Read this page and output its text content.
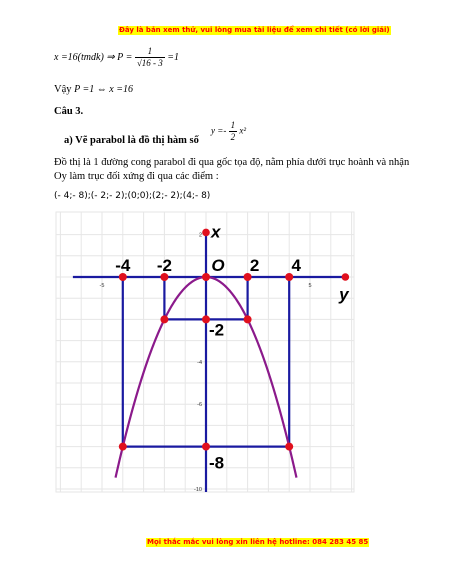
Đây là bản xem thử, vui lòng mua tài liệu để xem chi tiết (có lời giải)
x =16(tmdk) ⇒ $P = \frac{1}{√16 - 3} =1$
Vậy P =1 ⇔ x =16
Câu 3.
a) Vẽ parabol là đồ thị hàm số
$y =- \frac{1}{2} x^2$
Đồ thị là 1 đường cong parabol đi qua gốc tọa độ, nằm phía dưới trục hoành và nhận
Oy làm trục đối xứng đi qua các điểm :
(- 4;- 8);(- 2;- 2);(0;0);(2;- 2);(4;- 8)
-5	5
2
-4
-6
-10
-4 -2 O 2 4
-2
-8
x
y
Mọi thắc mắc vui lòng xin liên hệ hotline: 084 283 45 85
